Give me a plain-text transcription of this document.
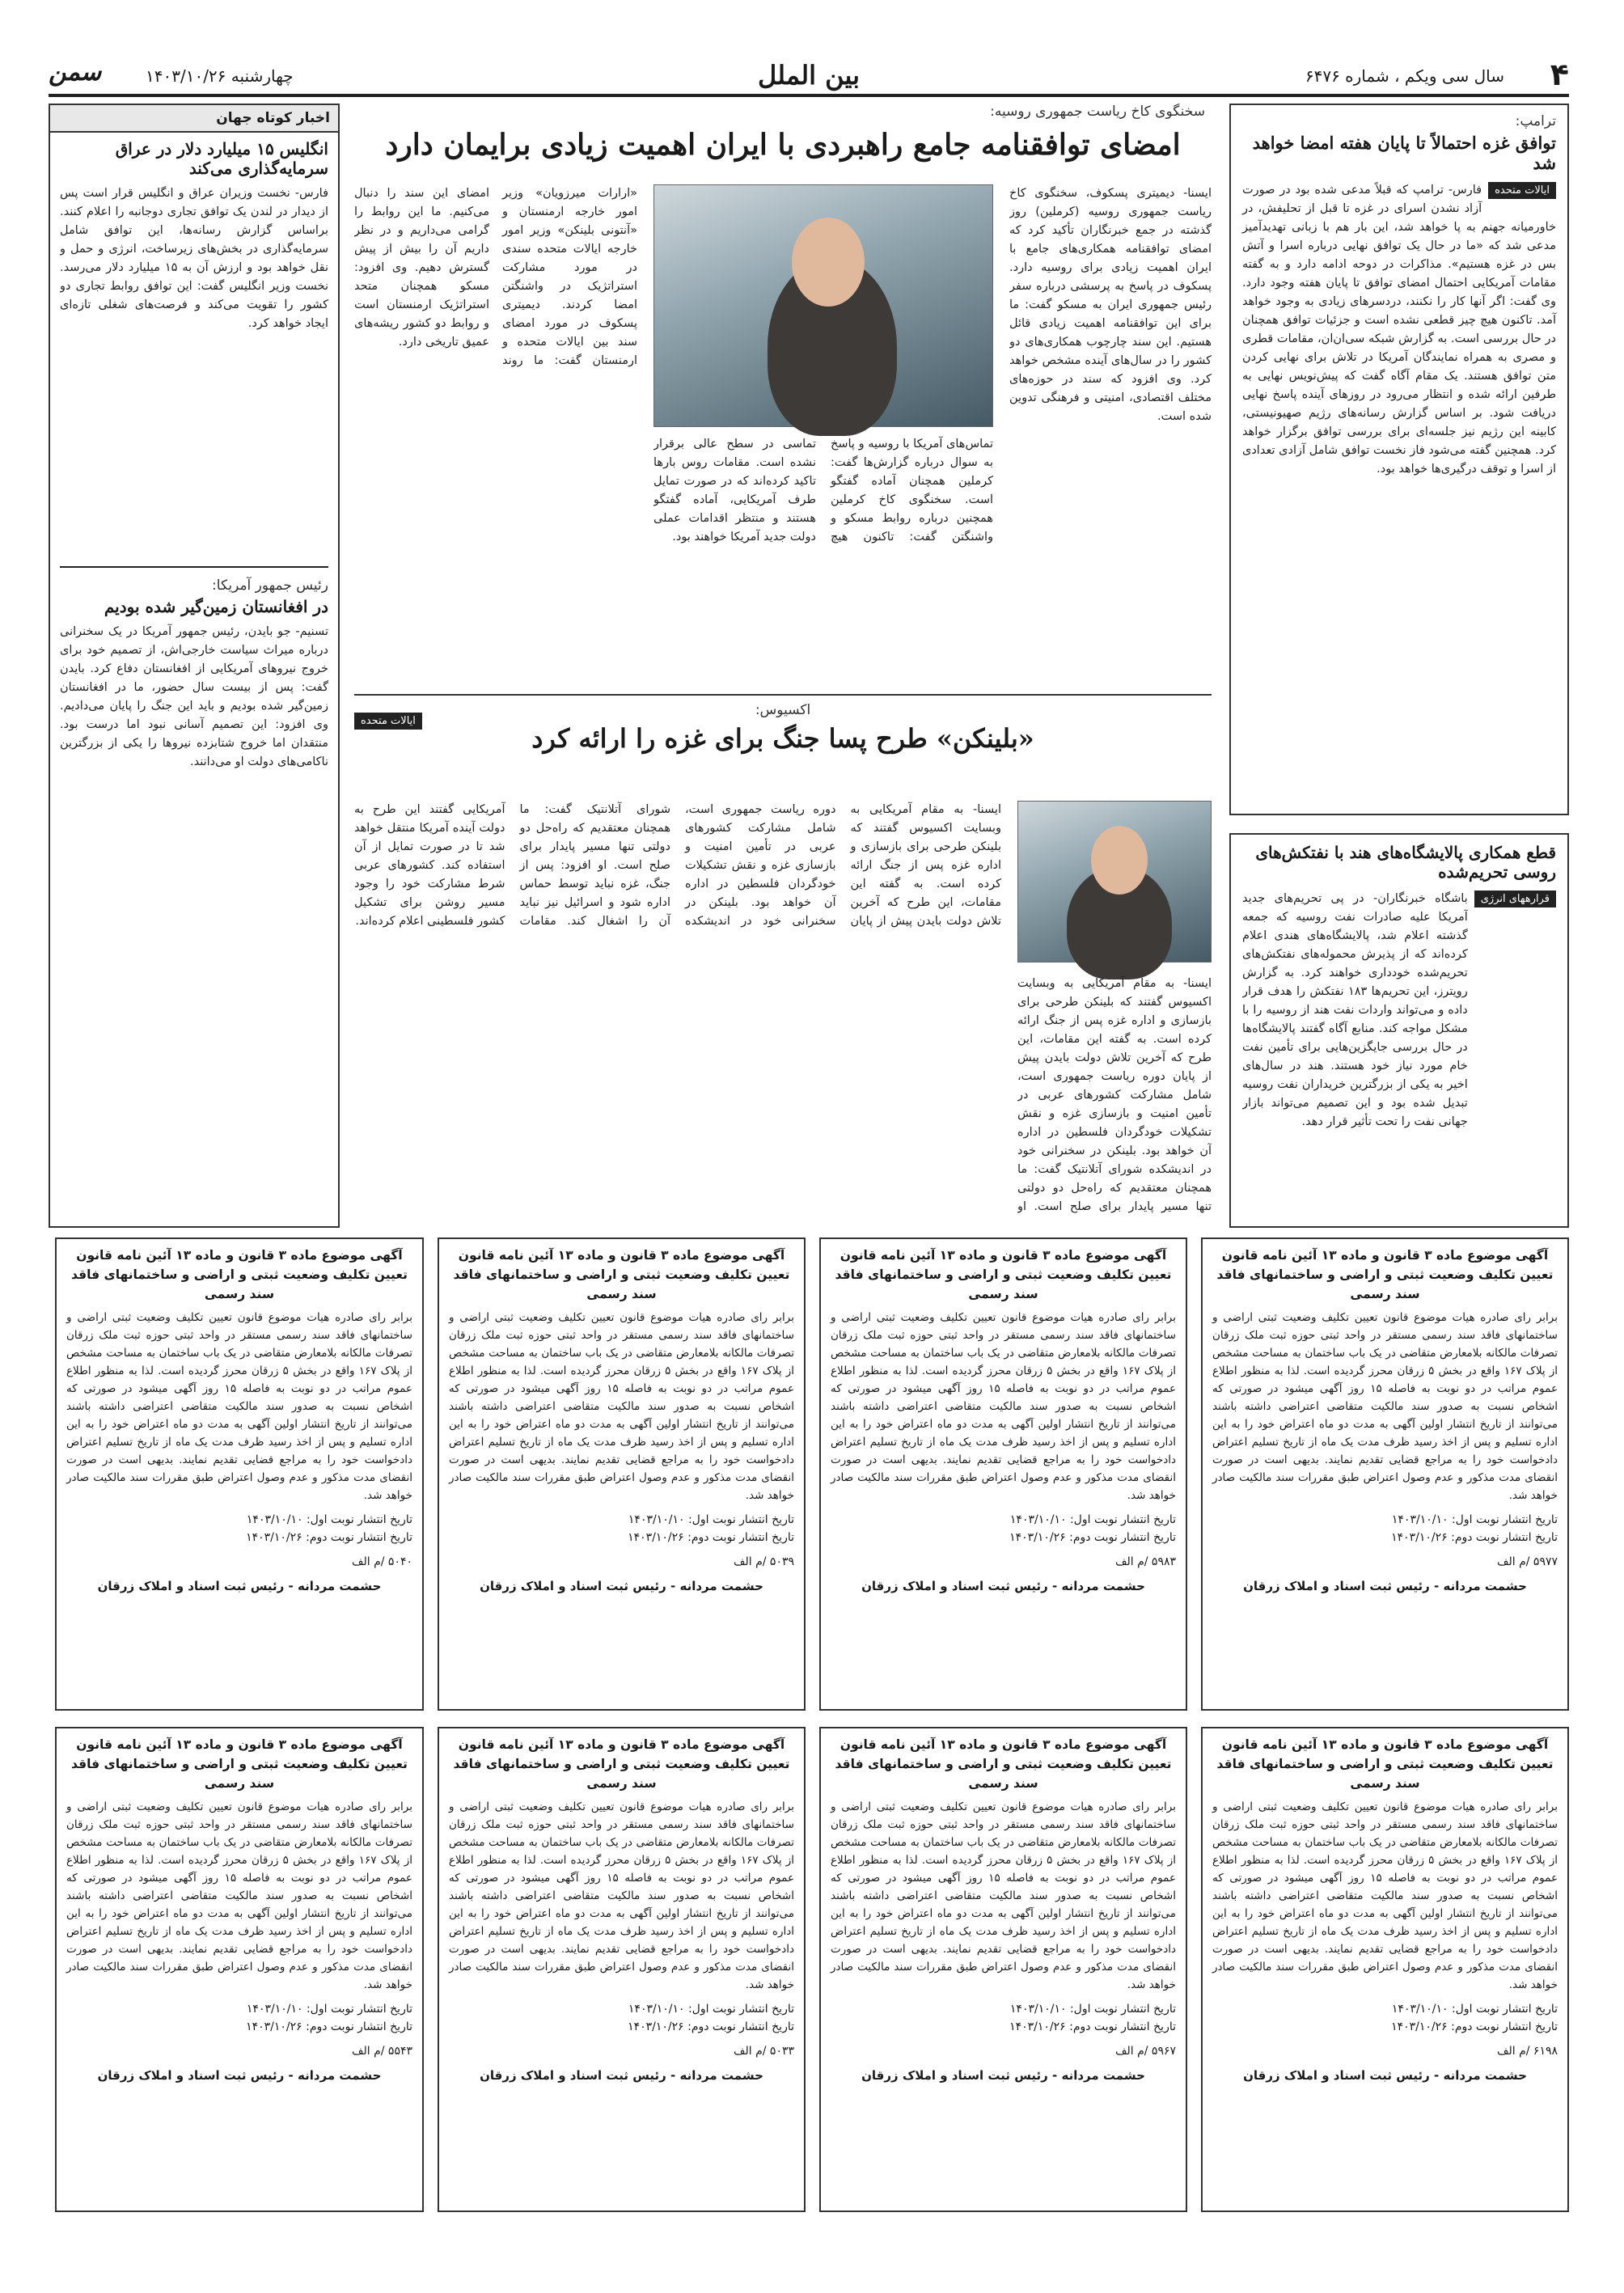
۴
سال سی ویکم ، شماره ۶۴۷۶
بین الملل
چهارشنبه ۱۴۰۳/۱۰/۲۶
سمن
ترامپ:
توافق غزه احتمالاً تا پایان هفته امضا خواهد شد
ایالات متحده
فارس- ترامپ که قبلاً مدعی شده بود در صورت آزاد نشدن اسرای در غزه تا قبل از تحلیفش، در خاورمیانه جهنم به پا خواهد شد، این بار هم با زبانی تهدیدآمیز مدعی شد که «ما در حال یک توافق نهایی درباره اسرا و آتش بس در غزه هستیم». مذاکرات در دوحه ادامه دارد و به گفته مقامات آمریکایی احتمال امضای توافق تا پایان هفته وجود دارد. وی گفت: اگر آنها کار را نکنند، دردسرهای زیادی به وجود خواهد آمد. تاکنون هیچ چیز قطعی نشده است و جزئیات توافق همچنان در حال بررسی است. به گزارش شبکه سی‌ان‌ان، مقامات قطری و مصری به همراه نمایندگان آمریکا در تلاش برای نهایی کردن متن توافق هستند. یک مقام آگاه گفت که پیش‌نویس نهایی به طرفین ارائه شده و انتظار می‌رود در روزهای آینده پاسخ نهایی دریافت شود. بر اساس گزارش رسانه‌های رژیم صهیونیستی، کابینه این رژیم نیز جلسه‌ای برای بررسی توافق برگزار خواهد کرد. همچنین گفته می‌شود فاز نخست توافق شامل آزادی تعدادی از اسرا و توقف درگیری‌ها خواهد بود.
سخنگوی کاخ ریاست جمهوری روسیه:
امضای توافقنامه جامع راهبردی با ایران اهمیت زیادی برایمان دارد
ایسنا- دیمیتری پسکوف، سخنگوی کاخ ریاست جمهوری روسیه (کرملین) روز گذشته در جمع خبرنگاران تأکید کرد که امضای توافقنامه همکاری‌های جامع با ایران اهمیت زیادی برای روسیه دارد. پسکوف در پاسخ به پرسشی درباره سفر رئیس جمهوری ایران به مسکو گفت: ما برای این توافقنامه اهمیت زیادی قائل هستیم. این سند چارچوب همکاری‌های دو کشور را در سال‌های آینده مشخص خواهد کرد. وی افزود که سند در حوزه‌های مختلف اقتصادی، امنیتی و فرهنگی تدوین شده است.
تماس‌های آمریکا با روسیه و پاسخ به سوال درباره گزارش‌ها گفت: کرملین همچنان آماده گفتگو است. سخنگوی کاخ کرملین همچنین درباره روابط مسکو و واشنگتن گفت: تاکنون هیچ تماسی در سطح عالی برقرار نشده است. مقامات روس بارها تاکید کرده‌اند که در صورت تمایل طرف آمریکایی، آماده گفتگو هستند و منتظر اقدامات عملی دولت جدید آمریکا خواهند بود.
«ارارات میرزویان» وزیر امور خارجه ارمنستان و «آنتونی بلینکن» وزیر امور خارجه ایالات متحده سندی در مورد مشارکت استراتژیک در واشنگتن امضا کردند. دیمیتری پسکوف در مورد امضای سند بین ایالات متحده و ارمنستان گفت: ما روند امضای این سند را دنبال می‌کنیم. ما این روابط را گرامی می‌داریم و در نظر داریم آن را بیش از پیش گسترش دهیم. وی افزود: مسکو همچنان متحد استراتژیک ارمنستان است و روابط دو کشور ریشه‌های عمیق تاریخی دارد.
اخبار کوتاه جهان
انگلیس ۱۵ میلیارد دلار در عراق سرمایه‌گذاری می‌کند
فارس- نخست وزیران عراق و انگلیس قرار است پس از دیدار در لندن یک توافق تجاری دوجانبه را اعلام کنند. براساس گزارش رسانه‌ها، این توافق شامل سرمایه‌گذاری در بخش‌های زیرساخت، انرژی و حمل و نقل خواهد بود و ارزش آن به ۱۵ میلیارد دلار می‌رسد. نخست وزیر انگلیس گفت: این توافق روابط تجاری دو کشور را تقویت می‌کند و فرصت‌های شغلی تازه‌ای ایجاد خواهد کرد.
رئیس جمهور آمریکا:
در افغانستان زمین‌گیر شده بودیم
تسنیم- جو بایدن، رئیس جمهور آمریکا در یک سخنرانی درباره میراث سیاست خارجی‌اش، از تصمیم خود برای خروج نیروهای آمریکایی از افغانستان دفاع کرد. بایدن گفت: پس از بیست سال حضور، ما در افغانستان زمین‌گیر شده بودیم و باید این جنگ را پایان می‌دادیم. وی افزود: این تصمیم آسانی نبود اما درست بود. منتقدان اما خروج شتابزده نیروها را یکی از بزرگترین ناکامی‌های دولت او می‌دانند.
قطع همکاری پالایشگاه‌های هند با نفتکش‌های روسی تحریم‌شده
قرارههای انرژی
باشگاه خبرنگاران- در پی تحریم‌های جدید آمریکا علیه صادرات نفت روسیه که جمعه گذشته اعلام شد، پالایشگاه‌های هندی اعلام کرده‌اند که از پذیرش محموله‌های نفتکش‌های تحریم‌شده خودداری خواهند کرد. به گزارش رویترز، این تحریم‌ها ۱۸۳ نفتکش را هدف قرار داده و می‌تواند واردات نفت هند از روسیه را با مشکل مواجه کند. منابع آگاه گفتند پالایشگاه‌ها در حال بررسی جایگزین‌هایی برای تأمین نفت خام مورد نیاز خود هستند. هند در سال‌های اخیر به یکی از بزرگترین خریداران نفت روسیه تبدیل شده بود و این تصمیم می‌تواند بازار جهانی نفت را تحت تأثیر قرار دهد.
اکسیوس:
«بلینکن» طرح پسا جنگ برای غزه را ارائه کرد
ایالات متحده
ایسنا- به مقام آمریکایی به وبسایت اکسیوس گفتند که بلینکن طرحی برای بازسازی و اداره غزه پس از جنگ ارائه کرده است. به گفته این مقامات، این طرح که آخرین تلاش دولت بایدن پیش از پایان دوره ریاست جمهوری است، شامل مشارکت کشورهای عربی در تأمین امنیت و بازسازی غزه و نقش تشکیلات خودگردان فلسطین در اداره آن خواهد بود. بلینکن در سخنرانی خود در اندیشکده شورای آتلانتیک گفت: ما همچنان معتقدیم که راه‌حل دو دولتی تنها مسیر پایدار برای صلح است. او
ایسنا- به مقام آمریکایی به وبسایت اکسیوس گفتند که بلینکن طرحی برای بازسازی و اداره غزه پس از جنگ ارائه کرده است. به گفته این مقامات، این طرح که آخرین تلاش دولت بایدن پیش از پایان دوره ریاست جمهوری است، شامل مشارکت کشورهای عربی در تأمین امنیت و بازسازی غزه و نقش تشکیلات خودگردان فلسطین در اداره آن خواهد بود. بلینکن در سخنرانی خود در اندیشکده شورای آتلانتیک گفت: ما همچنان معتقدیم که راه‌حل دو دولتی تنها مسیر پایدار برای صلح است. او افزود: پس از جنگ، غزه نباید توسط حماس اداره شود و اسرائیل نیز نباید آن را اشغال کند. مقامات آمریکایی گفتند این طرح به دولت آینده آمریکا منتقل خواهد شد تا در صورت تمایل از آن استفاده کند. کشورهای عربی شرط مشارکت خود را وجود مسیر روشن برای تشکیل کشور فلسطینی اعلام کرده‌اند.
آگهی موضوع ماده ۳ قانون و ماده ۱۳ آئین نامه قانون تعیین تکلیف وضعیت ثبتی و اراضی و ساختمانهای فاقد سند رسمی
برابر رای صادره هیات موضوع قانون تعیین تکلیف وضعیت ثبتی اراضی و ساختمانهای فاقد سند رسمی مستقر در واحد ثبتی حوزه ثبت ملک زرقان تصرفات مالکانه بلامعارض متقاضی در یک باب ساختمان به مساحت مشخص از پلاک ۱۶۷ واقع در بخش ۵ زرقان محرز گردیده است. لذا به منظور اطلاع عموم مراتب در دو نوبت به فاصله ۱۵ روز آگهی میشود در صورتی که اشخاص نسبت به صدور سند مالکیت متقاضی اعتراضی داشته باشند می‌توانند از تاریخ انتشار اولین آگهی به مدت دو ماه اعتراض خود را به این اداره تسلیم و پس از اخذ رسید ظرف مدت یک ماه از تاریخ تسلیم اعتراض دادخواست خود را به مراجع قضایی تقدیم نمایند. بدیهی است در صورت انقضای مدت مذکور و عدم وصول اعتراض طبق مقررات سند مالکیت صادر خواهد شد.
تاریخ انتشار نوبت اول: ۱۴۰۳/۱۰/۱۰
تاریخ انتشار نوبت دوم: ۱۴۰۳/۱۰/۲۶
۵۹۷۷ /م الف
حشمت مردانه - رئیس ثبت اسناد و املاک زرقان
آگهی موضوع ماده ۳ قانون و ماده ۱۳ آئین نامه قانون تعیین تکلیف وضعیت ثبتی و اراضی و ساختمانهای فاقد سند رسمی
برابر رای صادره هیات موضوع قانون تعیین تکلیف وضعیت ثبتی اراضی و ساختمانهای فاقد سند رسمی مستقر در واحد ثبتی حوزه ثبت ملک زرقان تصرفات مالکانه بلامعارض متقاضی در یک باب ساختمان به مساحت مشخص از پلاک ۱۶۷ واقع در بخش ۵ زرقان محرز گردیده است. لذا به منظور اطلاع عموم مراتب در دو نوبت به فاصله ۱۵ روز آگهی میشود در صورتی که اشخاص نسبت به صدور سند مالکیت متقاضی اعتراضی داشته باشند می‌توانند از تاریخ انتشار اولین آگهی به مدت دو ماه اعتراض خود را به این اداره تسلیم و پس از اخذ رسید ظرف مدت یک ماه از تاریخ تسلیم اعتراض دادخواست خود را به مراجع قضایی تقدیم نمایند. بدیهی است در صورت انقضای مدت مذکور و عدم وصول اعتراض طبق مقررات سند مالکیت صادر خواهد شد.
تاریخ انتشار نوبت اول: ۱۴۰۳/۱۰/۱۰
تاریخ انتشار نوبت دوم: ۱۴۰۳/۱۰/۲۶
۵۹۸۳ /م الف
حشمت مردانه - رئیس ثبت اسناد و املاک زرقان
آگهی موضوع ماده ۳ قانون و ماده ۱۳ آئین نامه قانون تعیین تکلیف وضعیت ثبتی و اراضی و ساختمانهای فاقد سند رسمی
برابر رای صادره هیات موضوع قانون تعیین تکلیف وضعیت ثبتی اراضی و ساختمانهای فاقد سند رسمی مستقر در واحد ثبتی حوزه ثبت ملک زرقان تصرفات مالکانه بلامعارض متقاضی در یک باب ساختمان به مساحت مشخص از پلاک ۱۶۷ واقع در بخش ۵ زرقان محرز گردیده است. لذا به منظور اطلاع عموم مراتب در دو نوبت به فاصله ۱۵ روز آگهی میشود در صورتی که اشخاص نسبت به صدور سند مالکیت متقاضی اعتراضی داشته باشند می‌توانند از تاریخ انتشار اولین آگهی به مدت دو ماه اعتراض خود را به این اداره تسلیم و پس از اخذ رسید ظرف مدت یک ماه از تاریخ تسلیم اعتراض دادخواست خود را به مراجع قضایی تقدیم نمایند. بدیهی است در صورت انقضای مدت مذکور و عدم وصول اعتراض طبق مقررات سند مالکیت صادر خواهد شد.
تاریخ انتشار نوبت اول: ۱۴۰۳/۱۰/۱۰
تاریخ انتشار نوبت دوم: ۱۴۰۳/۱۰/۲۶
۵۰۳۹ /م الف
حشمت مردانه - رئیس ثبت اسناد و املاک زرقان
آگهی موضوع ماده ۳ قانون و ماده ۱۳ آئین نامه قانون تعیین تکلیف وضعیت ثبتی و اراضی و ساختمانهای فاقد سند رسمی
برابر رای صادره هیات موضوع قانون تعیین تکلیف وضعیت ثبتی اراضی و ساختمانهای فاقد سند رسمی مستقر در واحد ثبتی حوزه ثبت ملک زرقان تصرفات مالکانه بلامعارض متقاضی در یک باب ساختمان به مساحت مشخص از پلاک ۱۶۷ واقع در بخش ۵ زرقان محرز گردیده است. لذا به منظور اطلاع عموم مراتب در دو نوبت به فاصله ۱۵ روز آگهی میشود در صورتی که اشخاص نسبت به صدور سند مالکیت متقاضی اعتراضی داشته باشند می‌توانند از تاریخ انتشار اولین آگهی به مدت دو ماه اعتراض خود را به این اداره تسلیم و پس از اخذ رسید ظرف مدت یک ماه از تاریخ تسلیم اعتراض دادخواست خود را به مراجع قضایی تقدیم نمایند. بدیهی است در صورت انقضای مدت مذکور و عدم وصول اعتراض طبق مقررات سند مالکیت صادر خواهد شد.
تاریخ انتشار نوبت اول: ۱۴۰۳/۱۰/۱۰
تاریخ انتشار نوبت دوم: ۱۴۰۳/۱۰/۲۶
۵۰۴۰ /م الف
حشمت مردانه - رئیس ثبت اسناد و املاک زرقان
آگهی موضوع ماده ۳ قانون و ماده ۱۳ آئین نامه قانون تعیین تکلیف وضعیت ثبتی و اراضی و ساختمانهای فاقد سند رسمی
برابر رای صادره هیات موضوع قانون تعیین تکلیف وضعیت ثبتی اراضی و ساختمانهای فاقد سند رسمی مستقر در واحد ثبتی حوزه ثبت ملک زرقان تصرفات مالکانه بلامعارض متقاضی در یک باب ساختمان به مساحت مشخص از پلاک ۱۶۷ واقع در بخش ۵ زرقان محرز گردیده است. لذا به منظور اطلاع عموم مراتب در دو نوبت به فاصله ۱۵ روز آگهی میشود در صورتی که اشخاص نسبت به صدور سند مالکیت متقاضی اعتراضی داشته باشند می‌توانند از تاریخ انتشار اولین آگهی به مدت دو ماه اعتراض خود را به این اداره تسلیم و پس از اخذ رسید ظرف مدت یک ماه از تاریخ تسلیم اعتراض دادخواست خود را به مراجع قضایی تقدیم نمایند. بدیهی است در صورت انقضای مدت مذکور و عدم وصول اعتراض طبق مقررات سند مالکیت صادر خواهد شد.
تاریخ انتشار نوبت اول: ۱۴۰۳/۱۰/۱۰
تاریخ انتشار نوبت دوم: ۱۴۰۳/۱۰/۲۶
۶۱۹۸ /م الف
حشمت مردانه - رئیس ثبت اسناد و املاک زرقان
آگهی موضوع ماده ۳ قانون و ماده ۱۳ آئین نامه قانون تعیین تکلیف وضعیت ثبتی و اراضی و ساختمانهای فاقد سند رسمی
برابر رای صادره هیات موضوع قانون تعیین تکلیف وضعیت ثبتی اراضی و ساختمانهای فاقد سند رسمی مستقر در واحد ثبتی حوزه ثبت ملک زرقان تصرفات مالکانه بلامعارض متقاضی در یک باب ساختمان به مساحت مشخص از پلاک ۱۶۷ واقع در بخش ۵ زرقان محرز گردیده است. لذا به منظور اطلاع عموم مراتب در دو نوبت به فاصله ۱۵ روز آگهی میشود در صورتی که اشخاص نسبت به صدور سند مالکیت متقاضی اعتراضی داشته باشند می‌توانند از تاریخ انتشار اولین آگهی به مدت دو ماه اعتراض خود را به این اداره تسلیم و پس از اخذ رسید ظرف مدت یک ماه از تاریخ تسلیم اعتراض دادخواست خود را به مراجع قضایی تقدیم نمایند. بدیهی است در صورت انقضای مدت مذکور و عدم وصول اعتراض طبق مقررات سند مالکیت صادر خواهد شد.
تاریخ انتشار نوبت اول: ۱۴۰۳/۱۰/۱۰
تاریخ انتشار نوبت دوم: ۱۴۰۳/۱۰/۲۶
۵۹۶۷ /م الف
حشمت مردانه - رئیس ثبت اسناد و املاک زرقان
آگهی موضوع ماده ۳ قانون و ماده ۱۳ آئین نامه قانون تعیین تکلیف وضعیت ثبتی و اراضی و ساختمانهای فاقد سند رسمی
برابر رای صادره هیات موضوع قانون تعیین تکلیف وضعیت ثبتی اراضی و ساختمانهای فاقد سند رسمی مستقر در واحد ثبتی حوزه ثبت ملک زرقان تصرفات مالکانه بلامعارض متقاضی در یک باب ساختمان به مساحت مشخص از پلاک ۱۶۷ واقع در بخش ۵ زرقان محرز گردیده است. لذا به منظور اطلاع عموم مراتب در دو نوبت به فاصله ۱۵ روز آگهی میشود در صورتی که اشخاص نسبت به صدور سند مالکیت متقاضی اعتراضی داشته باشند می‌توانند از تاریخ انتشار اولین آگهی به مدت دو ماه اعتراض خود را به این اداره تسلیم و پس از اخذ رسید ظرف مدت یک ماه از تاریخ تسلیم اعتراض دادخواست خود را به مراجع قضایی تقدیم نمایند. بدیهی است در صورت انقضای مدت مذکور و عدم وصول اعتراض طبق مقررات سند مالکیت صادر خواهد شد.
تاریخ انتشار نوبت اول: ۱۴۰۳/۱۰/۱۰
تاریخ انتشار نوبت دوم: ۱۴۰۳/۱۰/۲۶
۵۰۳۳ /م الف
حشمت مردانه - رئیس ثبت اسناد و املاک زرقان
آگهی موضوع ماده ۳ قانون و ماده ۱۳ آئین نامه قانون تعیین تکلیف وضعیت ثبتی و اراضی و ساختمانهای فاقد سند رسمی
برابر رای صادره هیات موضوع قانون تعیین تکلیف وضعیت ثبتی اراضی و ساختمانهای فاقد سند رسمی مستقر در واحد ثبتی حوزه ثبت ملک زرقان تصرفات مالکانه بلامعارض متقاضی در یک باب ساختمان به مساحت مشخص از پلاک ۱۶۷ واقع در بخش ۵ زرقان محرز گردیده است. لذا به منظور اطلاع عموم مراتب در دو نوبت به فاصله ۱۵ روز آگهی میشود در صورتی که اشخاص نسبت به صدور سند مالکیت متقاضی اعتراضی داشته باشند می‌توانند از تاریخ انتشار اولین آگهی به مدت دو ماه اعتراض خود را به این اداره تسلیم و پس از اخذ رسید ظرف مدت یک ماه از تاریخ تسلیم اعتراض دادخواست خود را به مراجع قضایی تقدیم نمایند. بدیهی است در صورت انقضای مدت مذکور و عدم وصول اعتراض طبق مقررات سند مالکیت صادر خواهد شد.
تاریخ انتشار نوبت اول: ۱۴۰۳/۱۰/۱۰
تاریخ انتشار نوبت دوم: ۱۴۰۳/۱۰/۲۶
۵۵۴۳ /م الف
حشمت مردانه - رئیس ثبت اسناد و املاک زرقان
